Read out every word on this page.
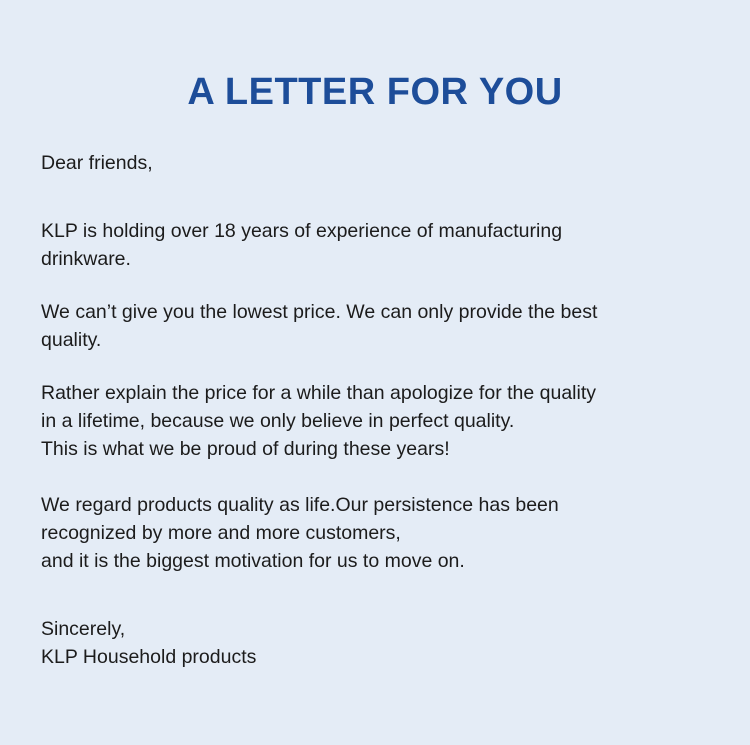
A LETTER FOR YOU
Dear friends,
KLP is holding over 18 years of experience of manufacturing
drinkware.
We can’t give you the lowest price. We can only provide the best
quality.
Rather explain the price for a while than apologize for the quality
in a lifetime, because we only believe in perfect quality.
This is what we be proud of during these years!
We regard products quality as life.Our persistence has been
recognized by more and more customers,
and it is the biggest motivation for us to move on.
Sincerely,
KLP Household products
